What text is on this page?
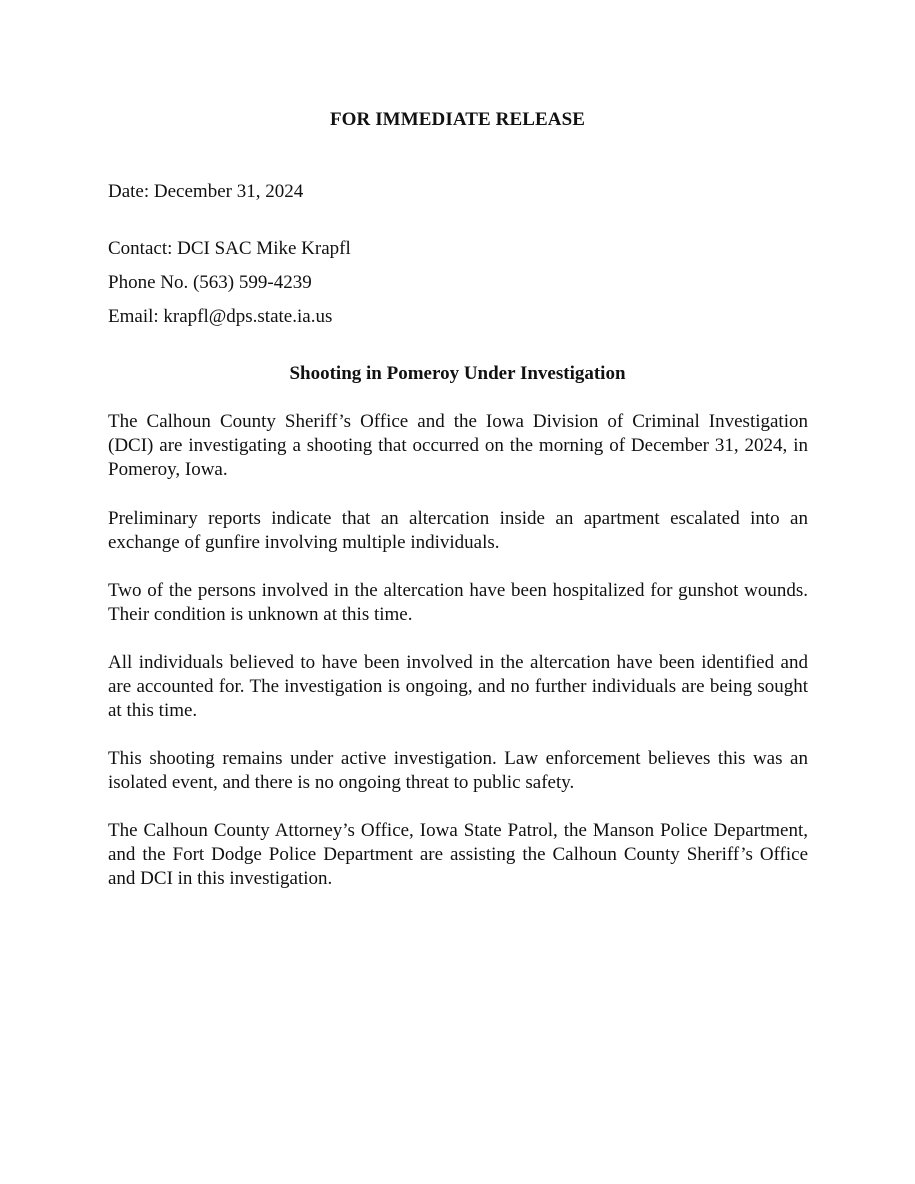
FOR IMMEDIATE RELEASE
Date: December 31, 2024
Contact: DCI SAC Mike Krapfl
Phone No. (563) 599-4239
Email: krapfl@dps.state.ia.us
Shooting in Pomeroy Under Investigation

The Calhoun County Sheriff’s Office and the Iowa Division of Criminal Investigation (DCI) are investigating a shooting that occurred on the morning of December 31, 2024, in Pomeroy, Iowa.

Preliminary reports indicate that an altercation inside an apartment escalated into an exchange of gunfire involving multiple individuals.

Two of the persons involved in the altercation have been hospitalized for gunshot wounds. Their condition is unknown at this time.

All individuals believed to have been involved in the altercation have been identified and are accounted for. The investigation is ongoing, and no further individuals are being sought at this time.

This shooting remains under active investigation. Law enforcement believes this was an isolated event, and there is no ongoing threat to public safety.

The Calhoun County Attorney’s Office, Iowa State Patrol, the Manson Police Department, and the Fort Dodge Police Department are assisting the Calhoun County Sheriff’s Office and DCI in this investigation.
